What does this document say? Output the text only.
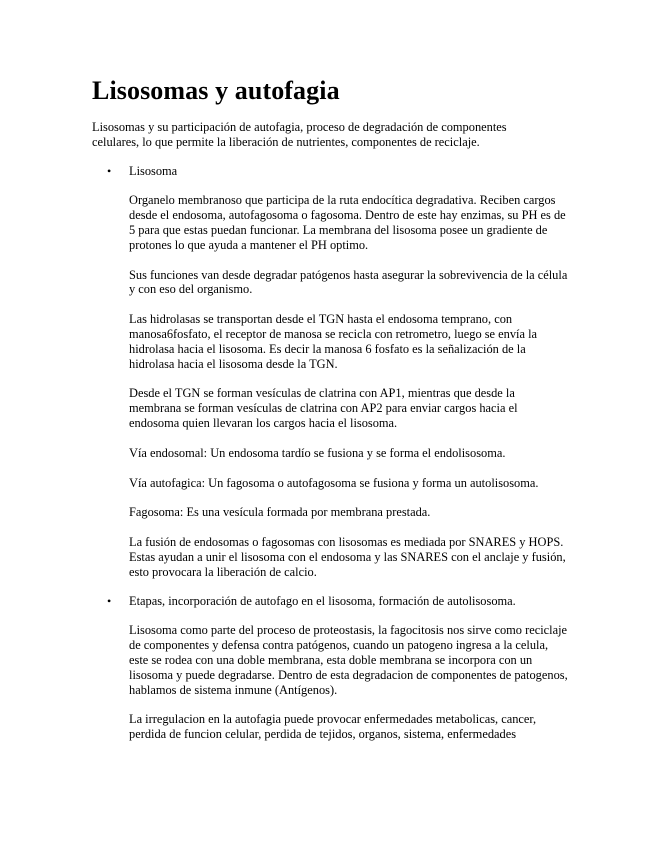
Lisosomas y autofagia

Lisosomas y su participación de autofagia, proceso de degradación de componentes celulares, lo que permite la liberación de nutrientes, componentes de reciclaje.

• Lisosoma

Organelo membranoso que participa de la ruta endocítica degradativa. Reciben cargos desde el endosoma, autofagosoma o fagosoma. Dentro de este hay enzimas, su PH es de 5 para que estas puedan funcionar. La membrana del lisosoma posee un gradiente de protones lo que ayuda a mantener el PH optimo.

Sus funciones van desde degradar patógenos hasta asegurar la sobrevivencia de la célula y con eso del organismo.

Las hidrolasas se transportan desde el TGN hasta el endosoma temprano, con manosa6fosfato, el receptor de manosa se recicla con retrometro, luego se envía la hidrolasa hacia el lisosoma. Es decir la manosa 6 fosfato es la señalización de la hidrolasa hacia el lisosoma desde la TGN.

Desde el TGN se forman vesículas de clatrina con AP1, mientras que desde la membrana se forman vesículas de clatrina con AP2 para enviar cargos hacia el endosoma quien llevaran los cargos hacia el lisosoma.

Vía endosomal: Un endosoma tardío se fusiona y se forma el endolisosoma.

Vía autofagica: Un fagosoma o autofagosoma se fusiona y forma un autolisosoma.

Fagosoma: Es una vesícula formada por membrana prestada.

La fusión de endosomas o fagosomas con lisosomas es mediada por SNARES y HOPS. Estas ayudan a unir el lisosoma con el endosoma y las SNARES con el anclaje y fusión, esto provocara la liberación de calcio.

• Etapas, incorporación de autofago en el lisosoma, formación de autolisosoma.

Lisosoma como parte del proceso de proteostasis, la fagocitosis nos sirve como reciclaje de componentes y defensa contra patógenos, cuando un patogeno ingresa a la celula, este se rodea con una doble membrana, esta doble membrana se incorpora con un lisosoma y puede degradarse. Dentro de esta degradacion de componentes de patogenos, hablamos de sistema inmune (Antígenos).

La irregulacion en la autofagia puede provocar enfermedades metabolicas, cancer, perdida de funcion celular, perdida de tejidos, organos, sistema, enfermedades
